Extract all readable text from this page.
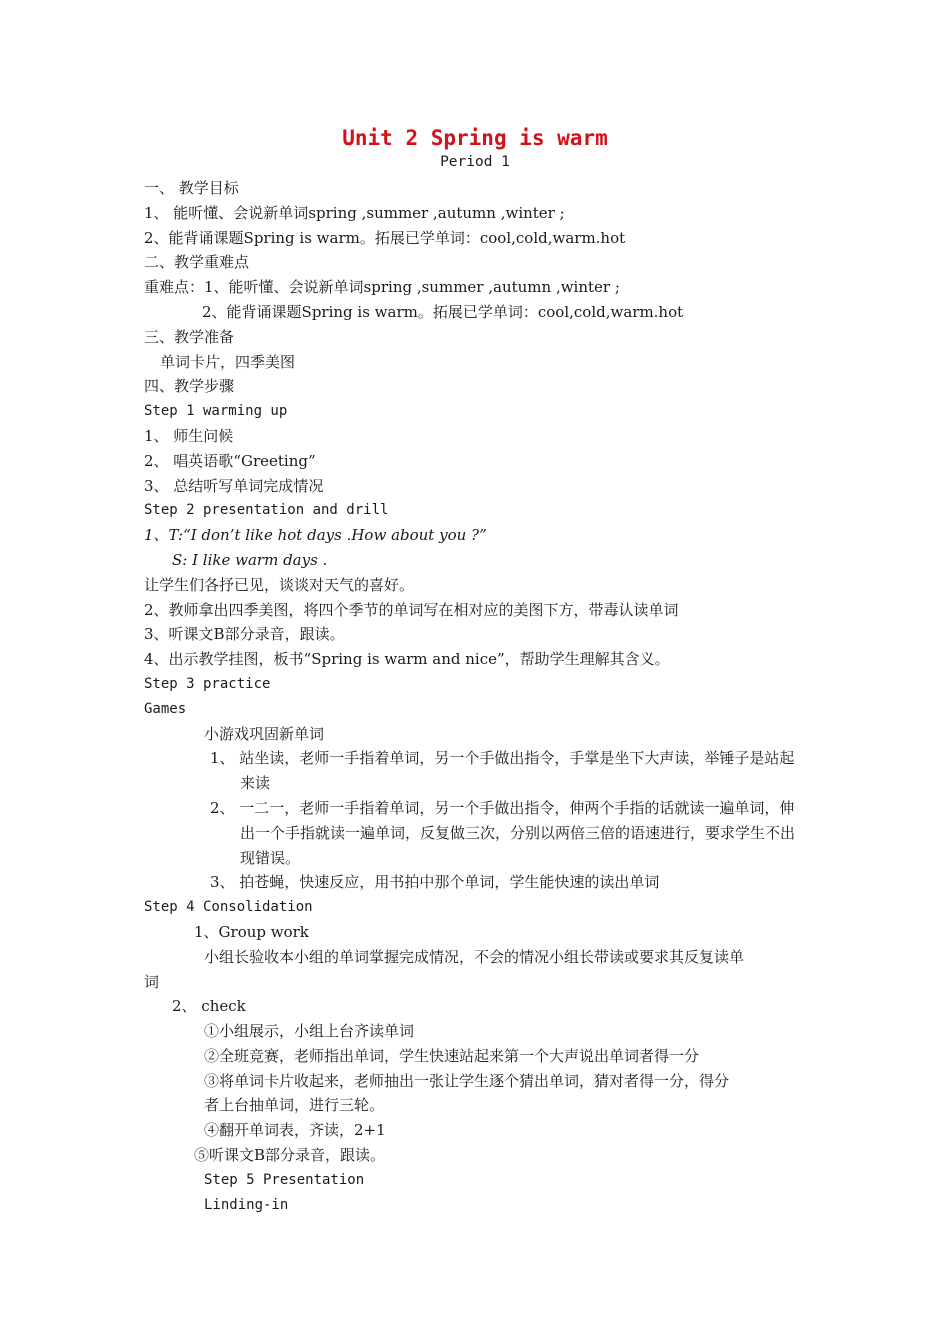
Unit 2 Spring is warm
Period 1
一、 教学目标
1、 能听懂、会说新单词spring ,summer ,autumn ,winter ;
2、能背诵课题Spring is warm。拓展已学单词：cool,cold,warm.hot
二、教学重难点
重难点：1、能听懂、会说新单词spring ,summer ,autumn ,winter ;
2、能背诵课题Spring is warm。拓展已学单词：cool,cold,warm.hot
三、教学准备
单词卡片，四季美图
四、教学步骤
Step 1 warming up
1、 师生问候
2、 唱英语歌“Greeting”
3、 总结听写单词完成情况
Step 2 presentation and drill
1、T:“I don’t like hot days .How about you ?”
S: I like warm days .
让学生们各抒已见，谈谈对天气的喜好。
2、教师拿出四季美图，将四个季节的单词写在相对应的美图下方，带毒认读单词
3、听课文B部分录音，跟读。
4、出示教学挂图，板书“Spring is warm and nice”，帮助学生理解其含义。
Step 3 practice
Games
小游戏巩固新单词
1、 站坐读，老师一手指着单词，另一个手做出指令，手掌是坐下大声读，举锤子是站起来读
2、 一二一，老师一手指着单词，另一个手做出指令，伸两个手指的话就读一遍单词，伸出一个手指就读一遍单词，反复做三次，分别以两倍三倍的语速进行，要求学生不出现错误。
3、 拍苍蝇，快速反应，用书拍中那个单词，学生能快速的读出单词
Step 4 Consolidation
1、Group work
小组长验收本小组的单词掌握完成情况，不会的情况小组长带读或要求其反复读单
词
2、 check
①小组展示，小组上台齐读单词
②全班竞赛，老师指出单词，学生快速站起来第一个大声说出单词者得一分
③将单词卡片收起来，老师抽出一张让学生逐个猜出单词，猜对者得一分，得分
者上台抽单词，进行三轮。
④翻开单词表，齐读，2+1
⑤听课文B部分录音，跟读。
Step 5 Presentation
Linding-in
